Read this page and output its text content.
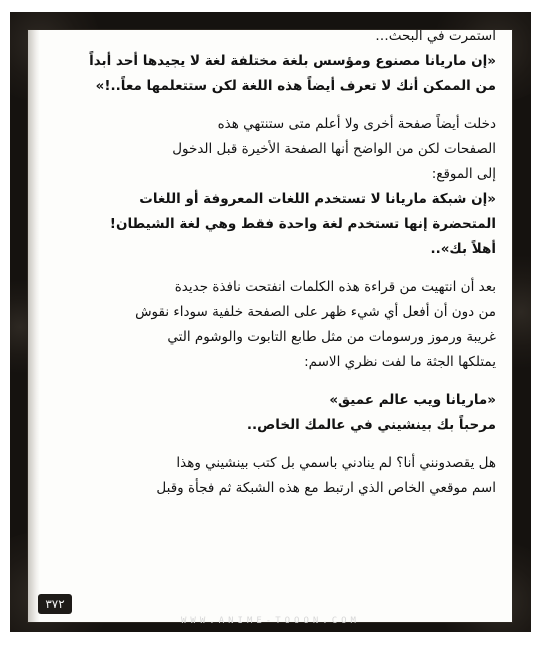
استمرت في البحث…

«إن ماريانا مصنوع ومؤسس بلغة مختلفة لغة لا يجيدها أحد أبداً

من الممكن أنك لا تعرف أيضاً هذه اللغة لكن ستتعلمها معاً..!»

دخلت أيضاً صفحة أخرى ولا أعلم متى ستنتهي هذه

الصفحات لكن من الواضح أنها الصفحة الأخيرة قبل الدخول

إلى الموقع:

«إن شبكة ماريانا لا تستخدم اللغات المعروفة أو اللغات

المتحضرة إنها تستخدم لغة واحدة فقط وهي لغة الشيطان!

أهلاً بك»..

بعد أن انتهيت من قراءة هذه الكلمات انفتحت نافذة جديدة

من دون أن أفعل أي شيء ظهر على الصفحة خلفية سوداء نقوش

غريبة ورموز ورسومات من مثل طابع التابوت والوشوم التي

يمتلكها الجثة ما لفت نظري الاسم:

«ماريانا ويب عالم عميق»

مرحباً بك بينشيني في عالمك الخاص..

هل يقصدونني أنا؟ لم ينادني باسمي بل كتب بينشيني وهذا

اسم موقعي الخاص الذي ارتبط مع هذه الشبكة ثم فجأة وقبل

٣٧٢
WWW.ANIME-TOOON.COM
